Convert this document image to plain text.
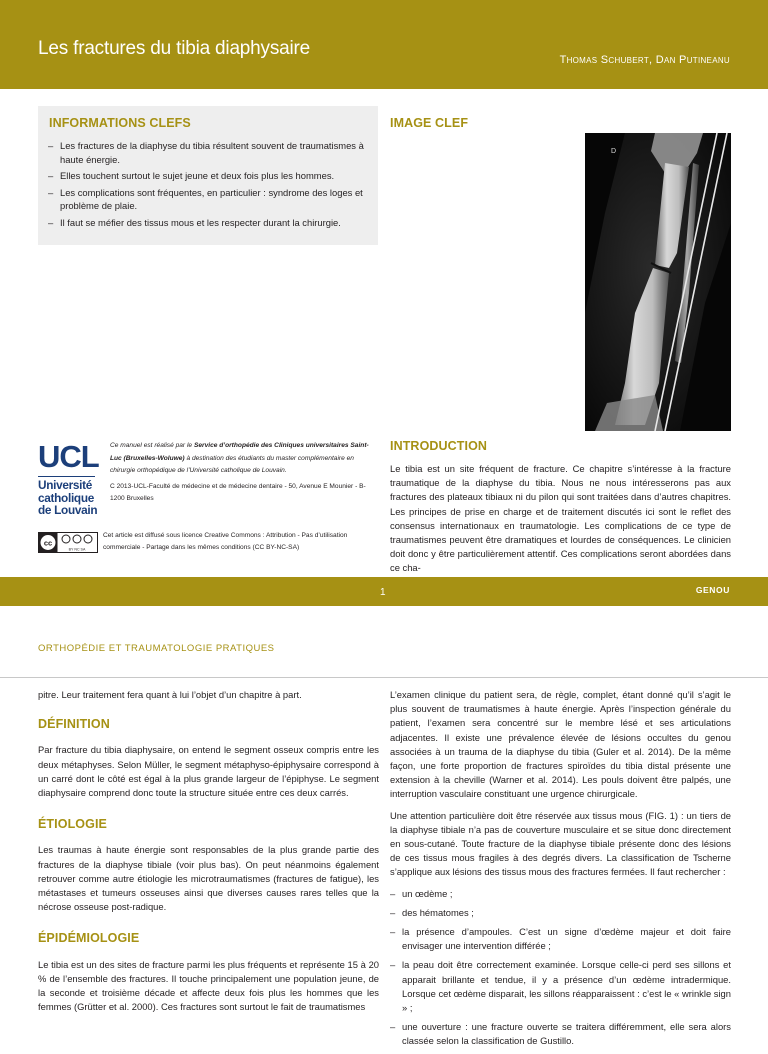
Les fractures du tibia diaphysaire
Thomas Schubert, Dan Putineanu
INFORMATIONS CLEFS
– Les fractures de la diaphyse du tibia résultent souvent de traumatismes à haute énergie.
– Elles touchent surtout le sujet jeune et deux fois plus les hommes.
– Les complications sont fréquentes, en particulier : syndrome des loges et problème de plaie.
– Il faut se méfier des tissus mous et les respecter durant la chirurgie.
IMAGE CLEF
D
UCL
Université
catholique
de Louvain

Ce manuel est réalisé par le Service d’orthopédie des Cliniques universitaires Saint-Luc (Bruxelles-Woluwe) à destination des étudiants du master complémentaire en chirurgie orthopédique de l’Université catholique de Louvain.

C 2013-UCL-Faculté de médecine et de médecine dentaire - 50, Avenue E Mounier - B-1200 Bruxelles

cc
BY NC SA
Cet article est diffusé sous licence Creative Commons : Attribution - Pas d’utilisation commerciale - Partage dans les mêmes conditions (CC BY-NC-SA)
INTRODUCTION

Le tibia est un site fréquent de fracture. Ce chapitre s’intéresse à la fracture traumatique de la diaphyse du tibia. Nous ne nous intéresserons pas aux fractures des plateaux tibiaux ni du pilon qui sont traitées dans d’autres chapitres. Les principes de prise en charge et de traitement discutés ici sont le reflet des consensus internationaux en traumatologie. Les complications de ce type de traumatismes peuvent être dramatiques et lourdes de conséquences. Le clinicien doit donc y être particulièrement attentif. Ces complications seront abordées dans ce cha-

1	GENOU
ORTHOPÉDIE ET TRAUMATOLOGIE PRATIQUES

pitre. Leur traitement fera quant à lui l’objet d’un chapitre à part.

DÉFINITION

Par fracture du tibia diaphysaire, on entend le segment osseux compris entre les deux métaphyses. Selon Müller, le segment métaphyso-épiphysaire correspond à un carré dont le côté est égal à la plus grande largeur de l’épiphyse. Le segment diaphysaire comprend donc toute la structure située entre ces deux carrés.

ÉTIOLOGIE

Les traumas à haute énergie sont responsables de la plus grande partie des fractures de la diaphyse tibiale (voir plus bas). On peut néanmoins également retrouver comme autre étiologie les microtraumatismes (fractures de fatigue), les métastases et tumeurs osseuses ainsi que diverses causes rares telles que la nécrose osseuse post-radique.

ÉPIDÉMIOLOGIE

Le tibia est un des sites de fracture parmi les plus fréquents et représente 15 à 20 % de l’ensemble des fractures. Il touche principalement une population jeune, de la seconde et troisième décade et affecte deux fois plus les hommes que les femmes (Grütter et al. 2000). Ces fractures sont surtout le fait de traumatismes

L’examen clinique du patient sera, de règle, complet, étant donné qu’il s’agit le plus souvent de traumatismes à haute énergie. Après l’inspection générale du patient, l’examen sera concentré sur le membre lésé et ses articulations adjacentes. Il existe une prévalence élevée de lésions occultes du genou associées à un trauma de la diaphyse du tibia (Guler et al. 2014). De la même façon, une forte proportion de fractures spiroïdes du tibia distal présente une extension à la cheville (Warner et al. 2014). Les pouls doivent être palpés, une interruption vasculaire constituant une urgence chirurgicale.

Une attention particulière doit être réservée aux tissus mous (FIG. 1) : un tiers de la diaphyse tibiale n’a pas de couverture musculaire et se situe donc directement en sous-cutané. Toute fracture de la diaphyse tibiale présente donc des lésions de ces tissus mous fragiles à des degrés divers. La classification de Tscherne s’applique aux lésions des tissus mous des fractures fermées. Il faut rechercher :

– un œdème ;
– des hématomes ;
– la présence d’ampoules. C’est un signe d’œdème majeur et doit faire envisager une intervention différée ;
– la peau doit être correctement examinée. Lorsque celle-ci perd ses sillons et apparait brillante et tendue, il y a présence d’un œdème intradermique. Lorsque cet œdème disparait, les sillons réapparaissent : c’est le « wrinkle sign » ;
– une ouverture : une fracture ouverte se traitera différemment, elle sera alors classée selon la classification de Gustillo.
